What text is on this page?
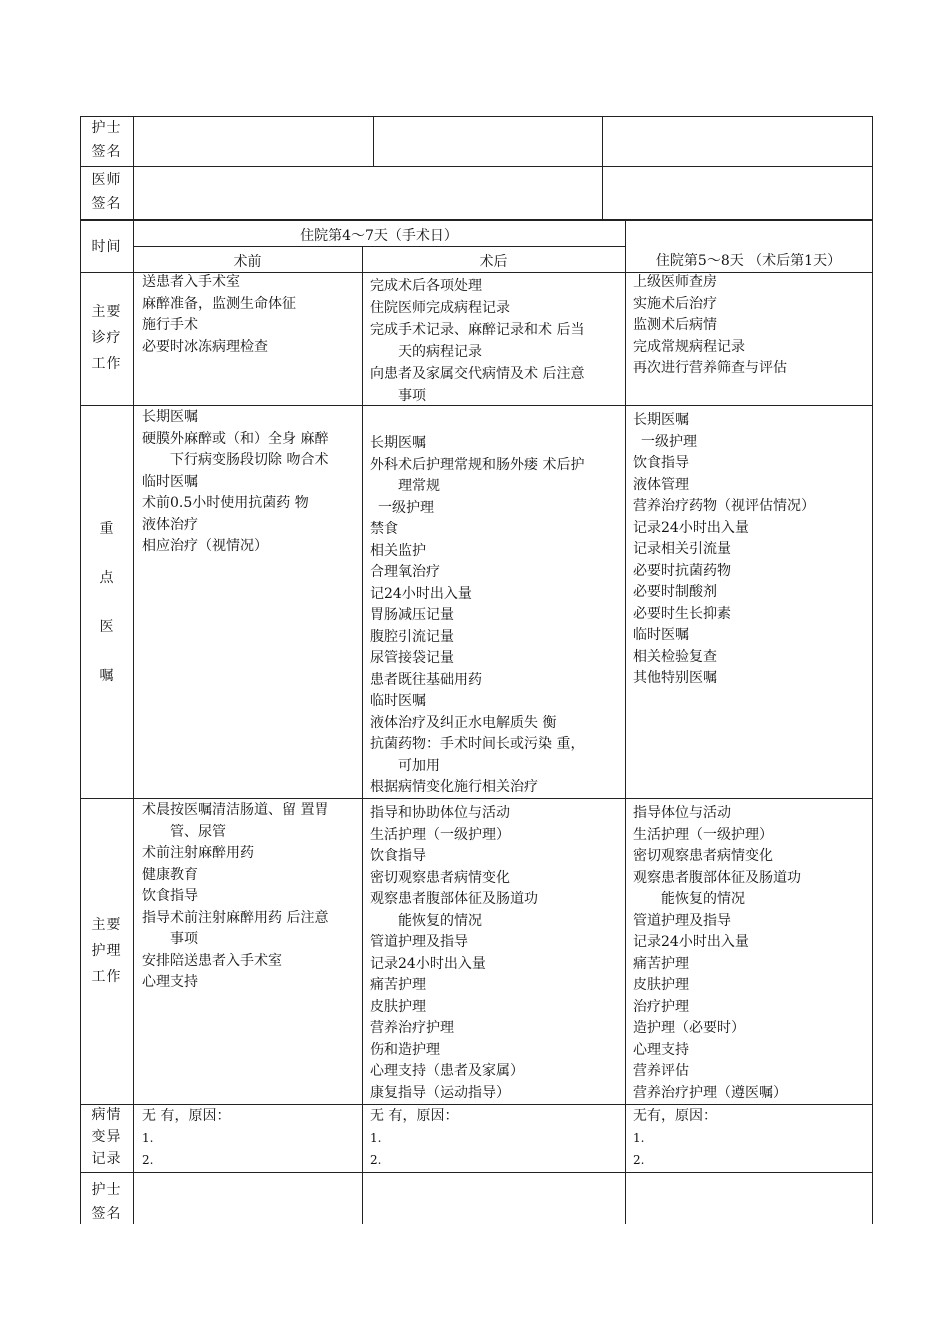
护士
签名
医师
签名
时间
住院第4〜7天（手术日）
术前	术后	住院第5〜8天 （术后第1天）
主要
诊疗
工作
送患者入手术室
麻醉准备，监测生命体征
施行手术
必要时冰冻病理检查
完成术后各项处理
住院医师完成病程记录
完成手术记录、麻醉记录和术 后当
天的病程记录
向患者及家属交代病情及术 后注意
事项
上级医师查房
实施术后治疗
监测术后病情
完成常规病程记录
再次进行营养筛查与评估
重
点
医
嘱
长期医嘱
硬膜外麻醉或（和）全身 麻醉
下行病变肠段切除 吻合术
临时医嘱
术前0.5小时使用抗菌药 物
液体治疗
相应治疗（视情况）
长期医嘱
外科术后护理常规和肠外瘘 术后护
理常规
一级护理
禁食
相关监护
合理氧治疗
记24小时出入量
胃肠减压记量
腹腔引流记量
尿管接袋记量
患者既往基础用药
临时医嘱
液体治疗及纠正水电解质失 衡
抗菌药物：手术时间长或污染 重，
可加用
根据病情变化施行相关治疗
长期医嘱
一级护理
饮食指导
液体管理
营养治疗药物（视评估情况）
记录24小时出入量
记录相关引流量
必要时抗菌药物
必要时制酸剂
必要时生长抑素
临时医嘱
相关检验复查
其他特别医嘱
主要
护理
工作
术晨按医嘱清洁肠道、留 置胃
管、尿管
术前注射麻醉用药
健康教育
饮食指导
指导术前注射麻醉用药 后注意
事项
安排陪送患者入手术室
心理支持
指导和协助体位与活动
生活护理（一级护理）
饮食指导
密切观察患者病情变化
观察患者腹部体征及肠道功
能恢复的情况
管道护理及指导
记录24小时出入量
痛苦护理
皮肤护理
营养治疗护理
伤和造护理
心理支持（患者及家属）
康复指导（运动指导）
指导体位与活动
生活护理（一级护理）
密切观察患者病情变化
观察患者腹部体征及肠道功
能恢复的情况
管道护理及指导
记录24小时出入量
痛苦护理
皮肤护理
治疗护理
造护理（必要时）
心理支持
营养评估
营养治疗护理（遵医嘱）
病情
变异
记录
无 有，原因：
1.
2.
无 有，原因：
1.
2.
无有，原因：
1.
2.
护士
签名
